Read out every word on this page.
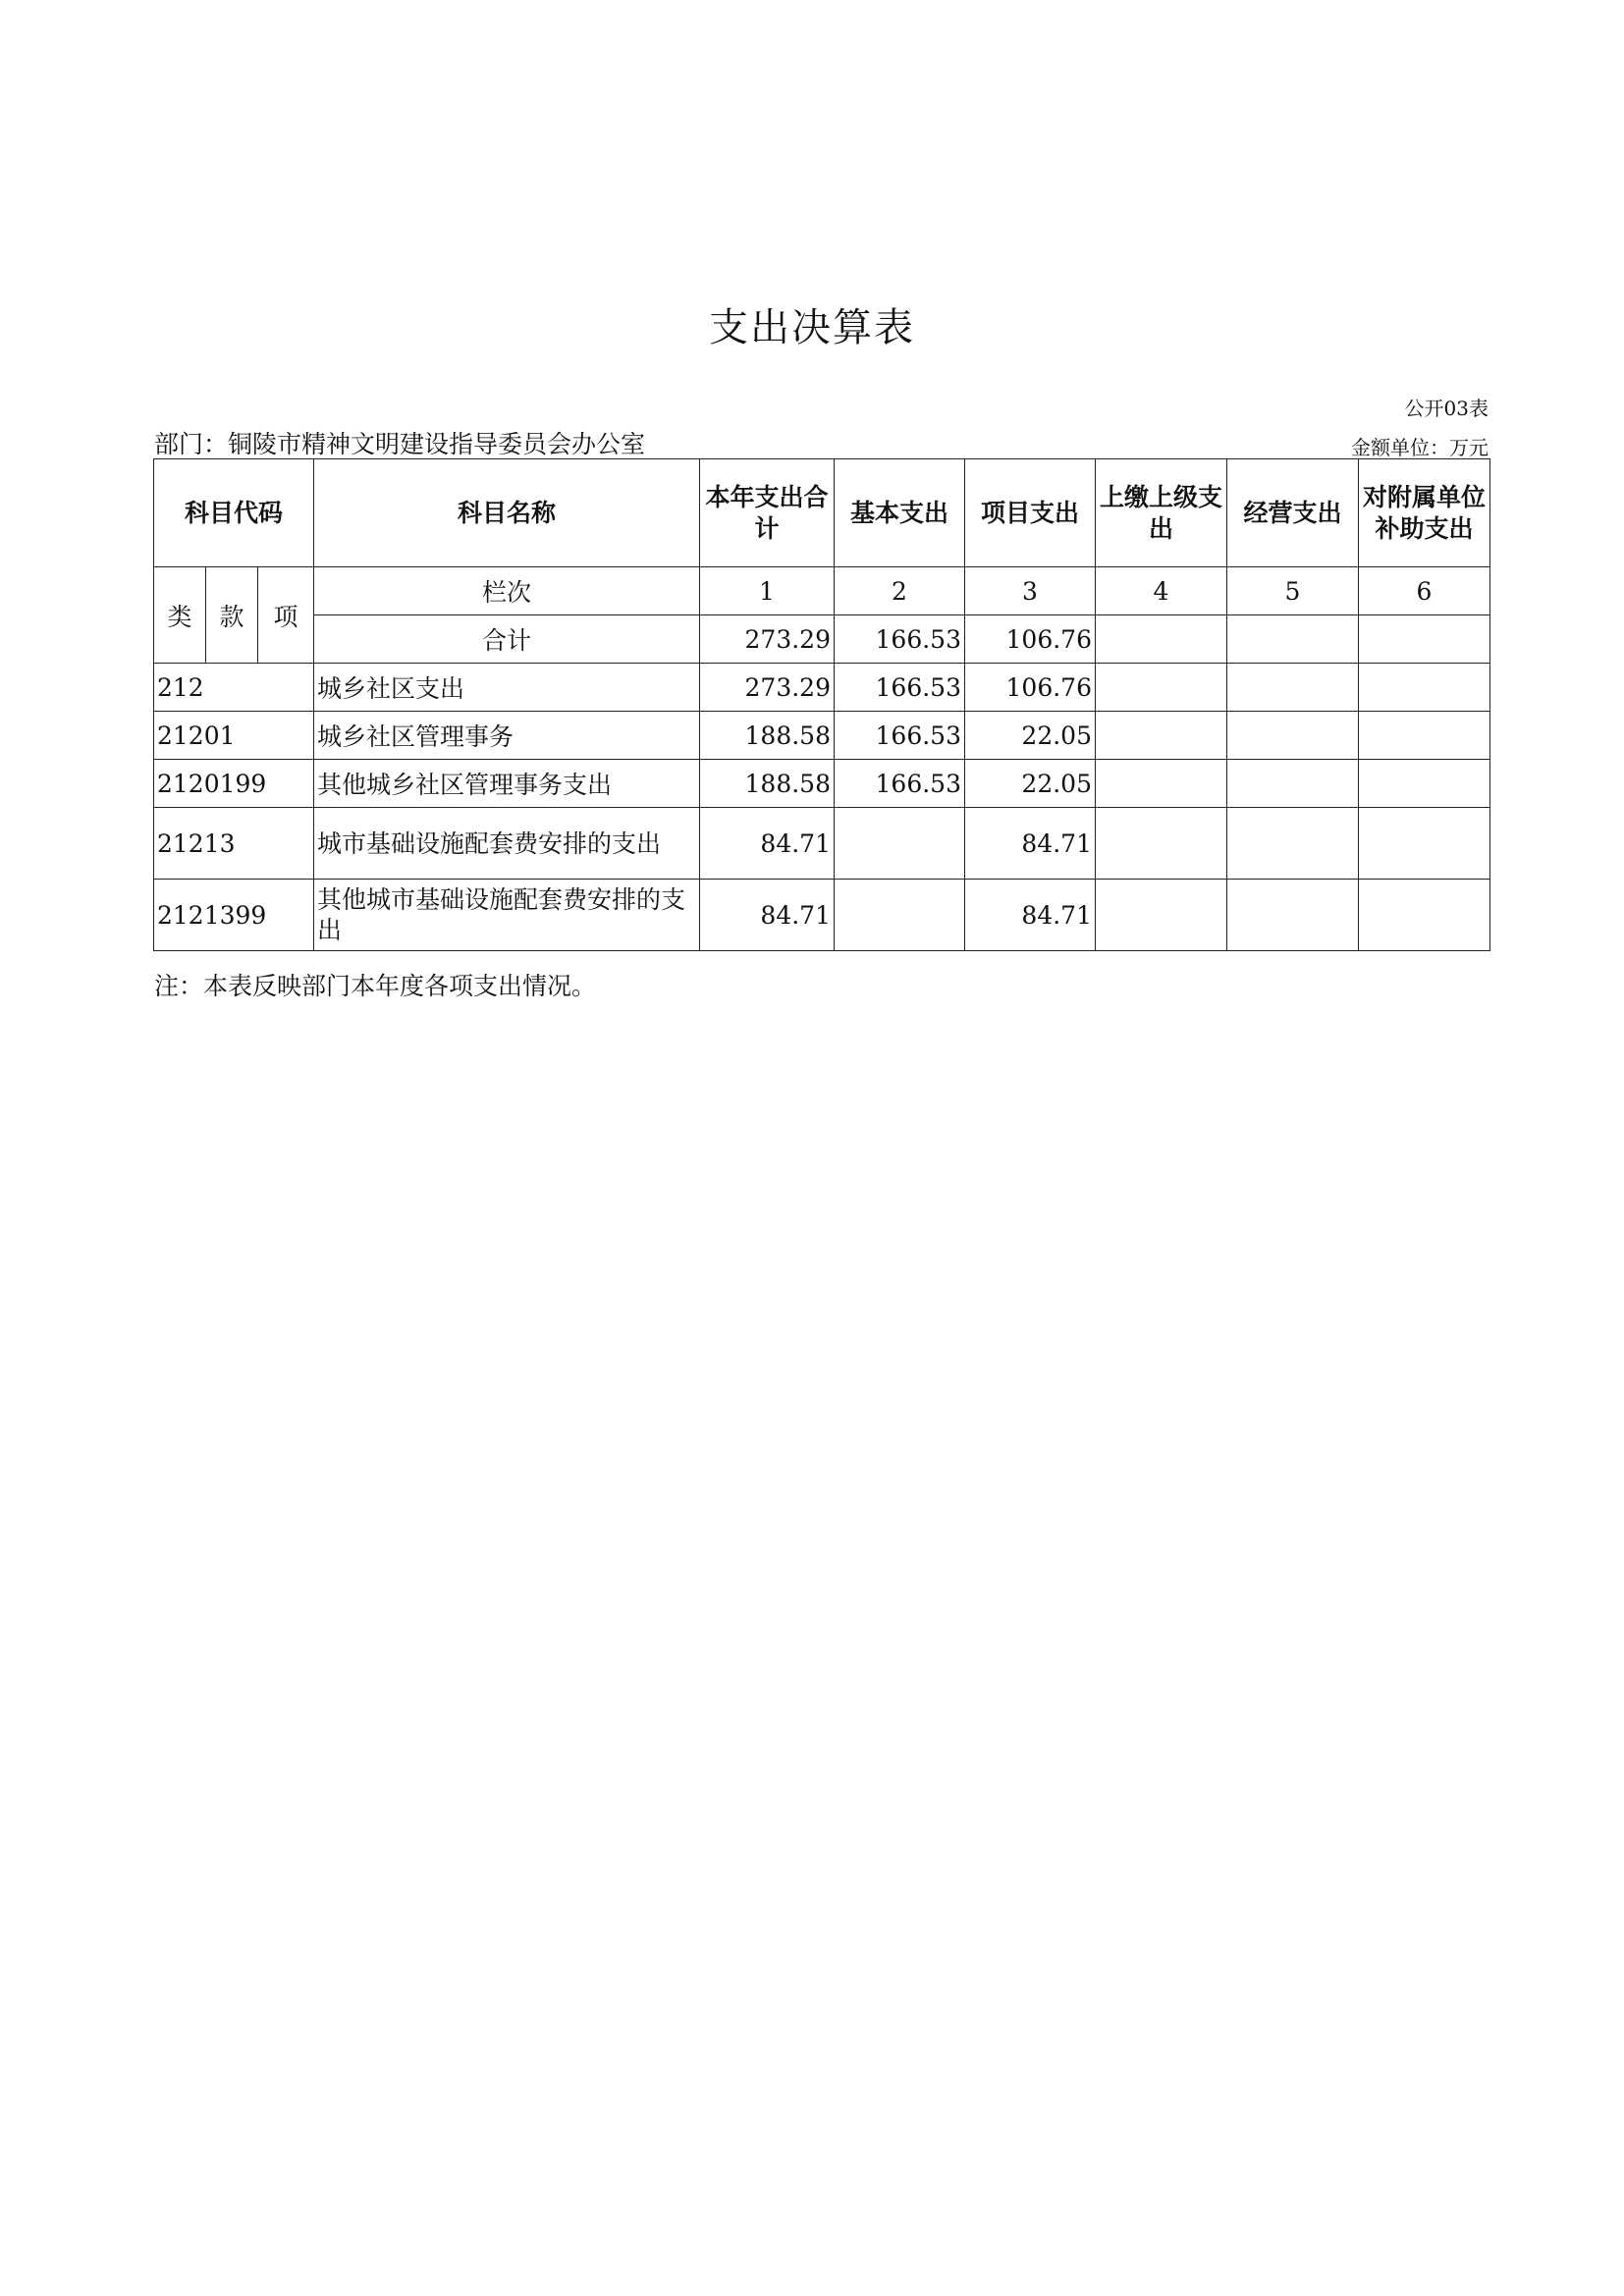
支出决算表
公开03表
部门：铜陵市精神文明建设指导委员会办公室	金额单位：万元
科目代码			科目名称	本年支出合计	基本支出	项目支出	上缴上级支出	经营支出	对附属单位补助支出
类	款	项	栏次	1	2	3	4	5	6
			合计	273.29	166.53	106.76			
212			城乡社区支出	273.29	166.53	106.76			
21201			城乡社区管理事务	188.58	166.53	22.05			
2120199			其他城乡社区管理事务支出	188.58	166.53	22.05			
21213			城市基础设施配套费安排的支出	84.71		84.71			
2121399			其他城市基础设施配套费安排的支出	84.71		84.71			
注：本表反映部门本年度各项支出情况。
